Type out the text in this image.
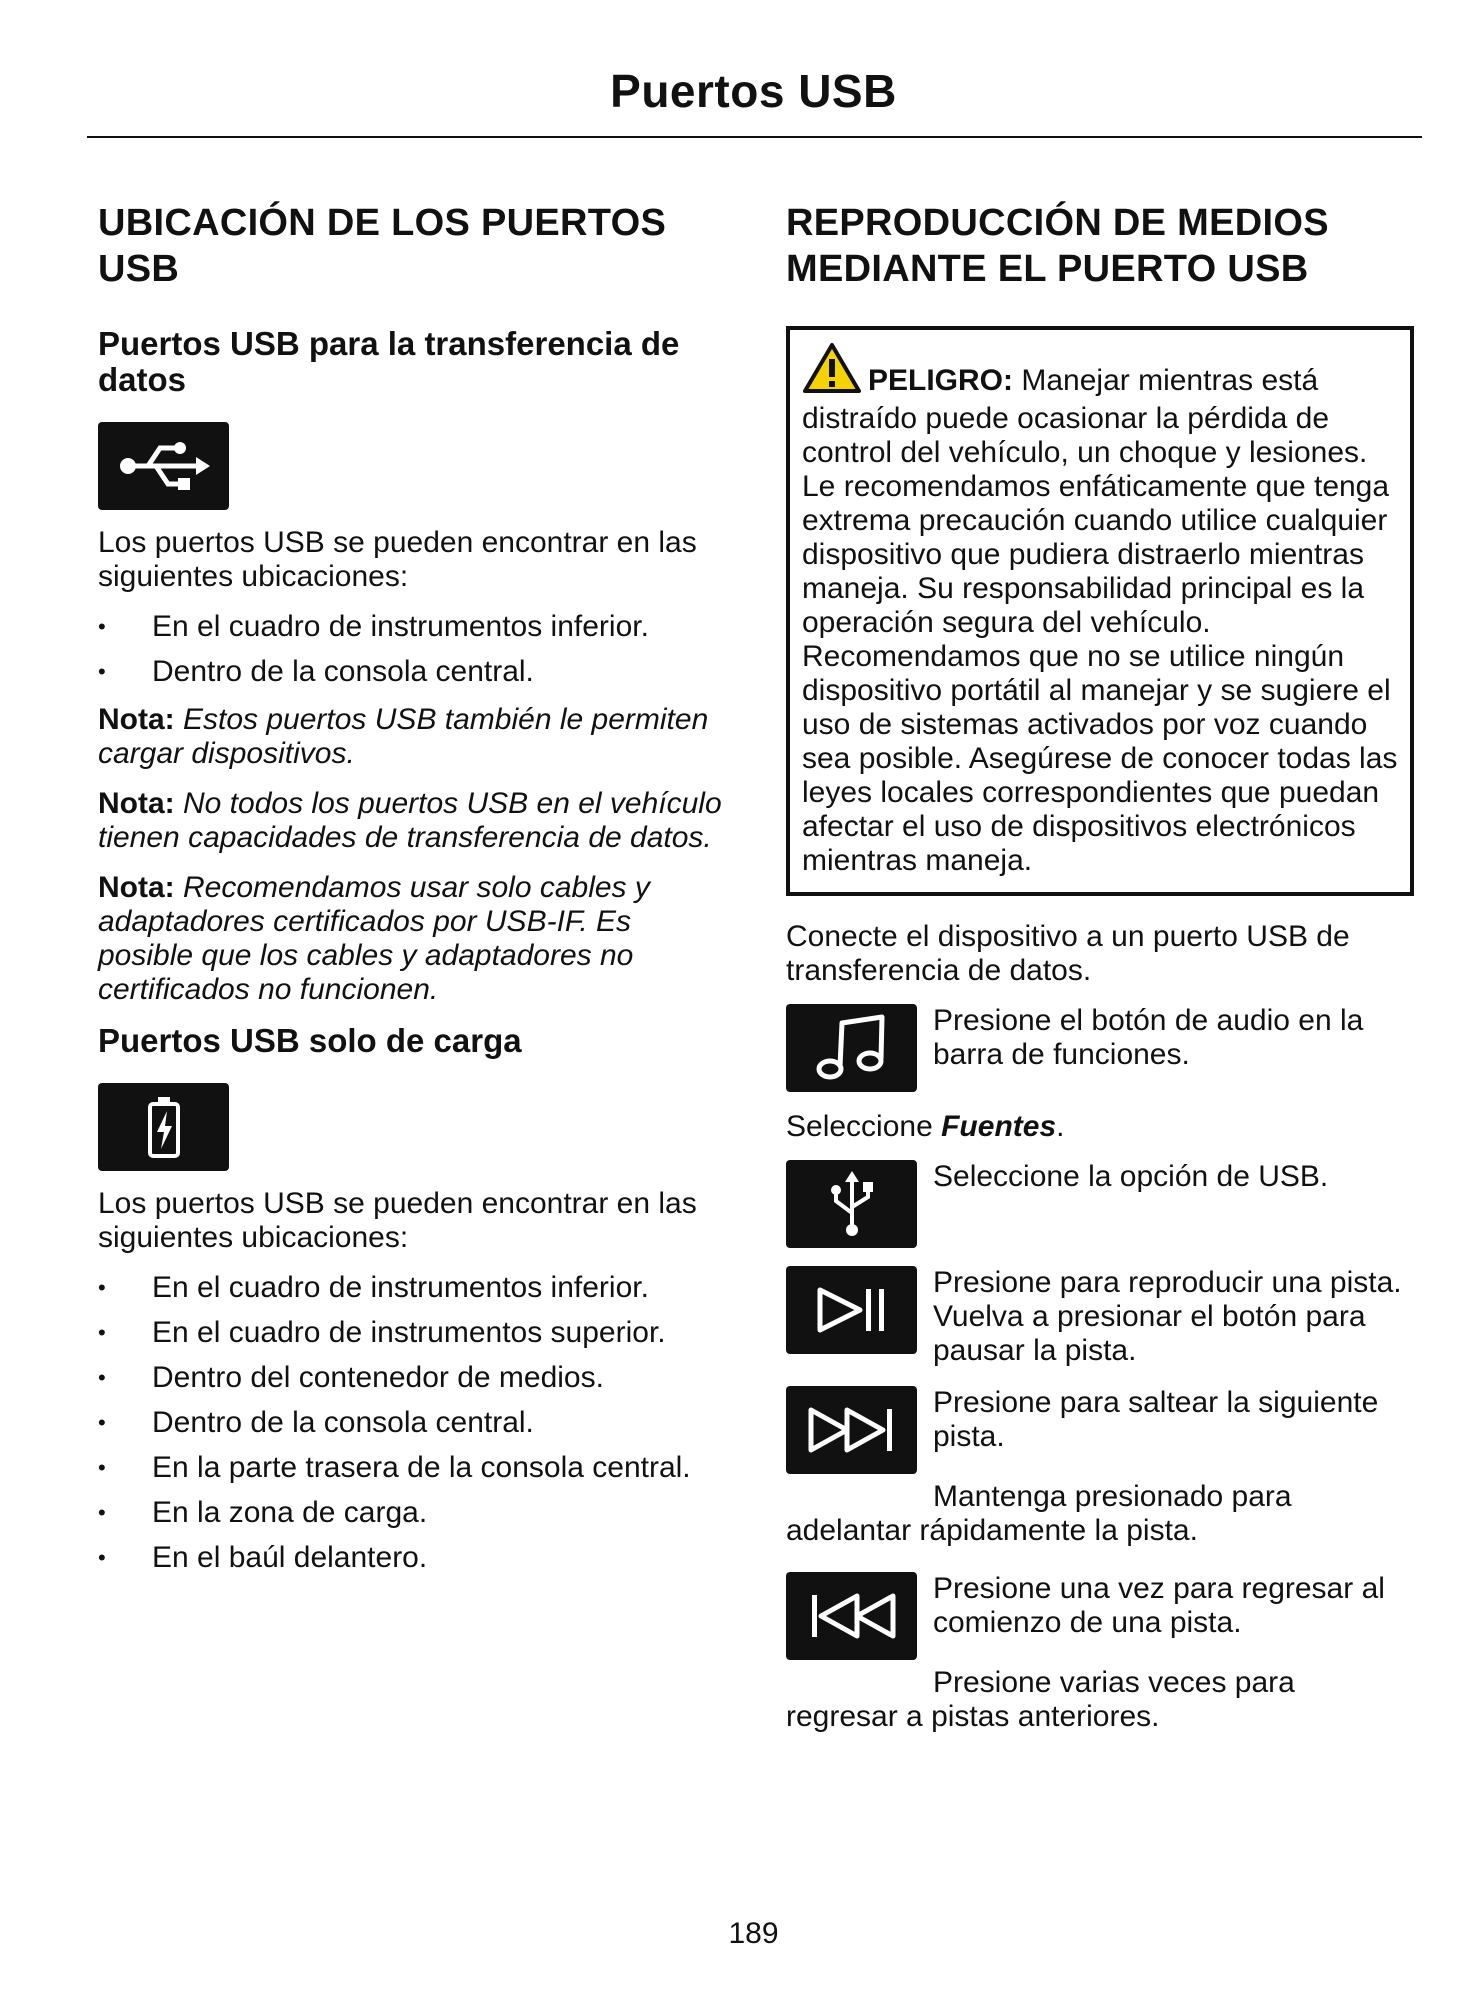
Puertos USB
UBICACIÓN DE LOS PUERTOS USB
Puertos USB para la transferencia de datos

Los puertos USB se pueden encontrar en las siguientes ubicaciones:

• En el cuadro de instrumentos inferior.
• Dentro de la consola central.
Nota: Estos puertos USB también le permiten cargar dispositivos.
Nota: No todos los puertos USB en el vehículo tienen capacidades de transferencia de datos.
Nota: Recomendamos usar solo cables y adaptadores certificados por USB-IF. Es posible que los cables y adaptadores no certificados no funcionen.
Puertos USB solo de carga

Los puertos USB se pueden encontrar en las siguientes ubicaciones:

• En el cuadro de instrumentos inferior.
• En el cuadro de instrumentos superior.
• Dentro del contenedor de medios.
• Dentro de la consola central.
• En la parte trasera de la consola central.
• En la zona de carga.
• En el baúl delantero.
REPRODUCCIÓN DE MEDIOS MEDIANTE EL PUERTO USB
PELIGRO: Manejar mientras está distraído puede ocasionar la pérdida de control del vehículo, un choque y lesiones. Le recomendamos enfáticamente que tenga extrema precaución cuando utilice cualquier dispositivo que pudiera distraerlo mientras maneja. Su responsabilidad principal es la operación segura del vehículo. Recomendamos que no se utilice ningún dispositivo portátil al manejar y se sugiere el uso de sistemas activados por voz cuando sea posible. Asegúrese de conocer todas las leyes locales correspondientes que puedan afectar el uso de dispositivos electrónicos mientras maneja.

Conecte el dispositivo a un puerto USB de transferencia de datos.

Presione el botón de audio en la barra de funciones.

Seleccione Fuentes.

Seleccione la opción de USB.
Presione para reproducir una pista. Vuelva a presionar el botón para pausar la pista.
Presione para saltear la siguiente pista.
Mantenga presionado para
adelantar rápidamente la pista.
Presione una vez para regresar al comienzo de una pista.
Presione varias veces para
regresar a pistas anteriores.
189
